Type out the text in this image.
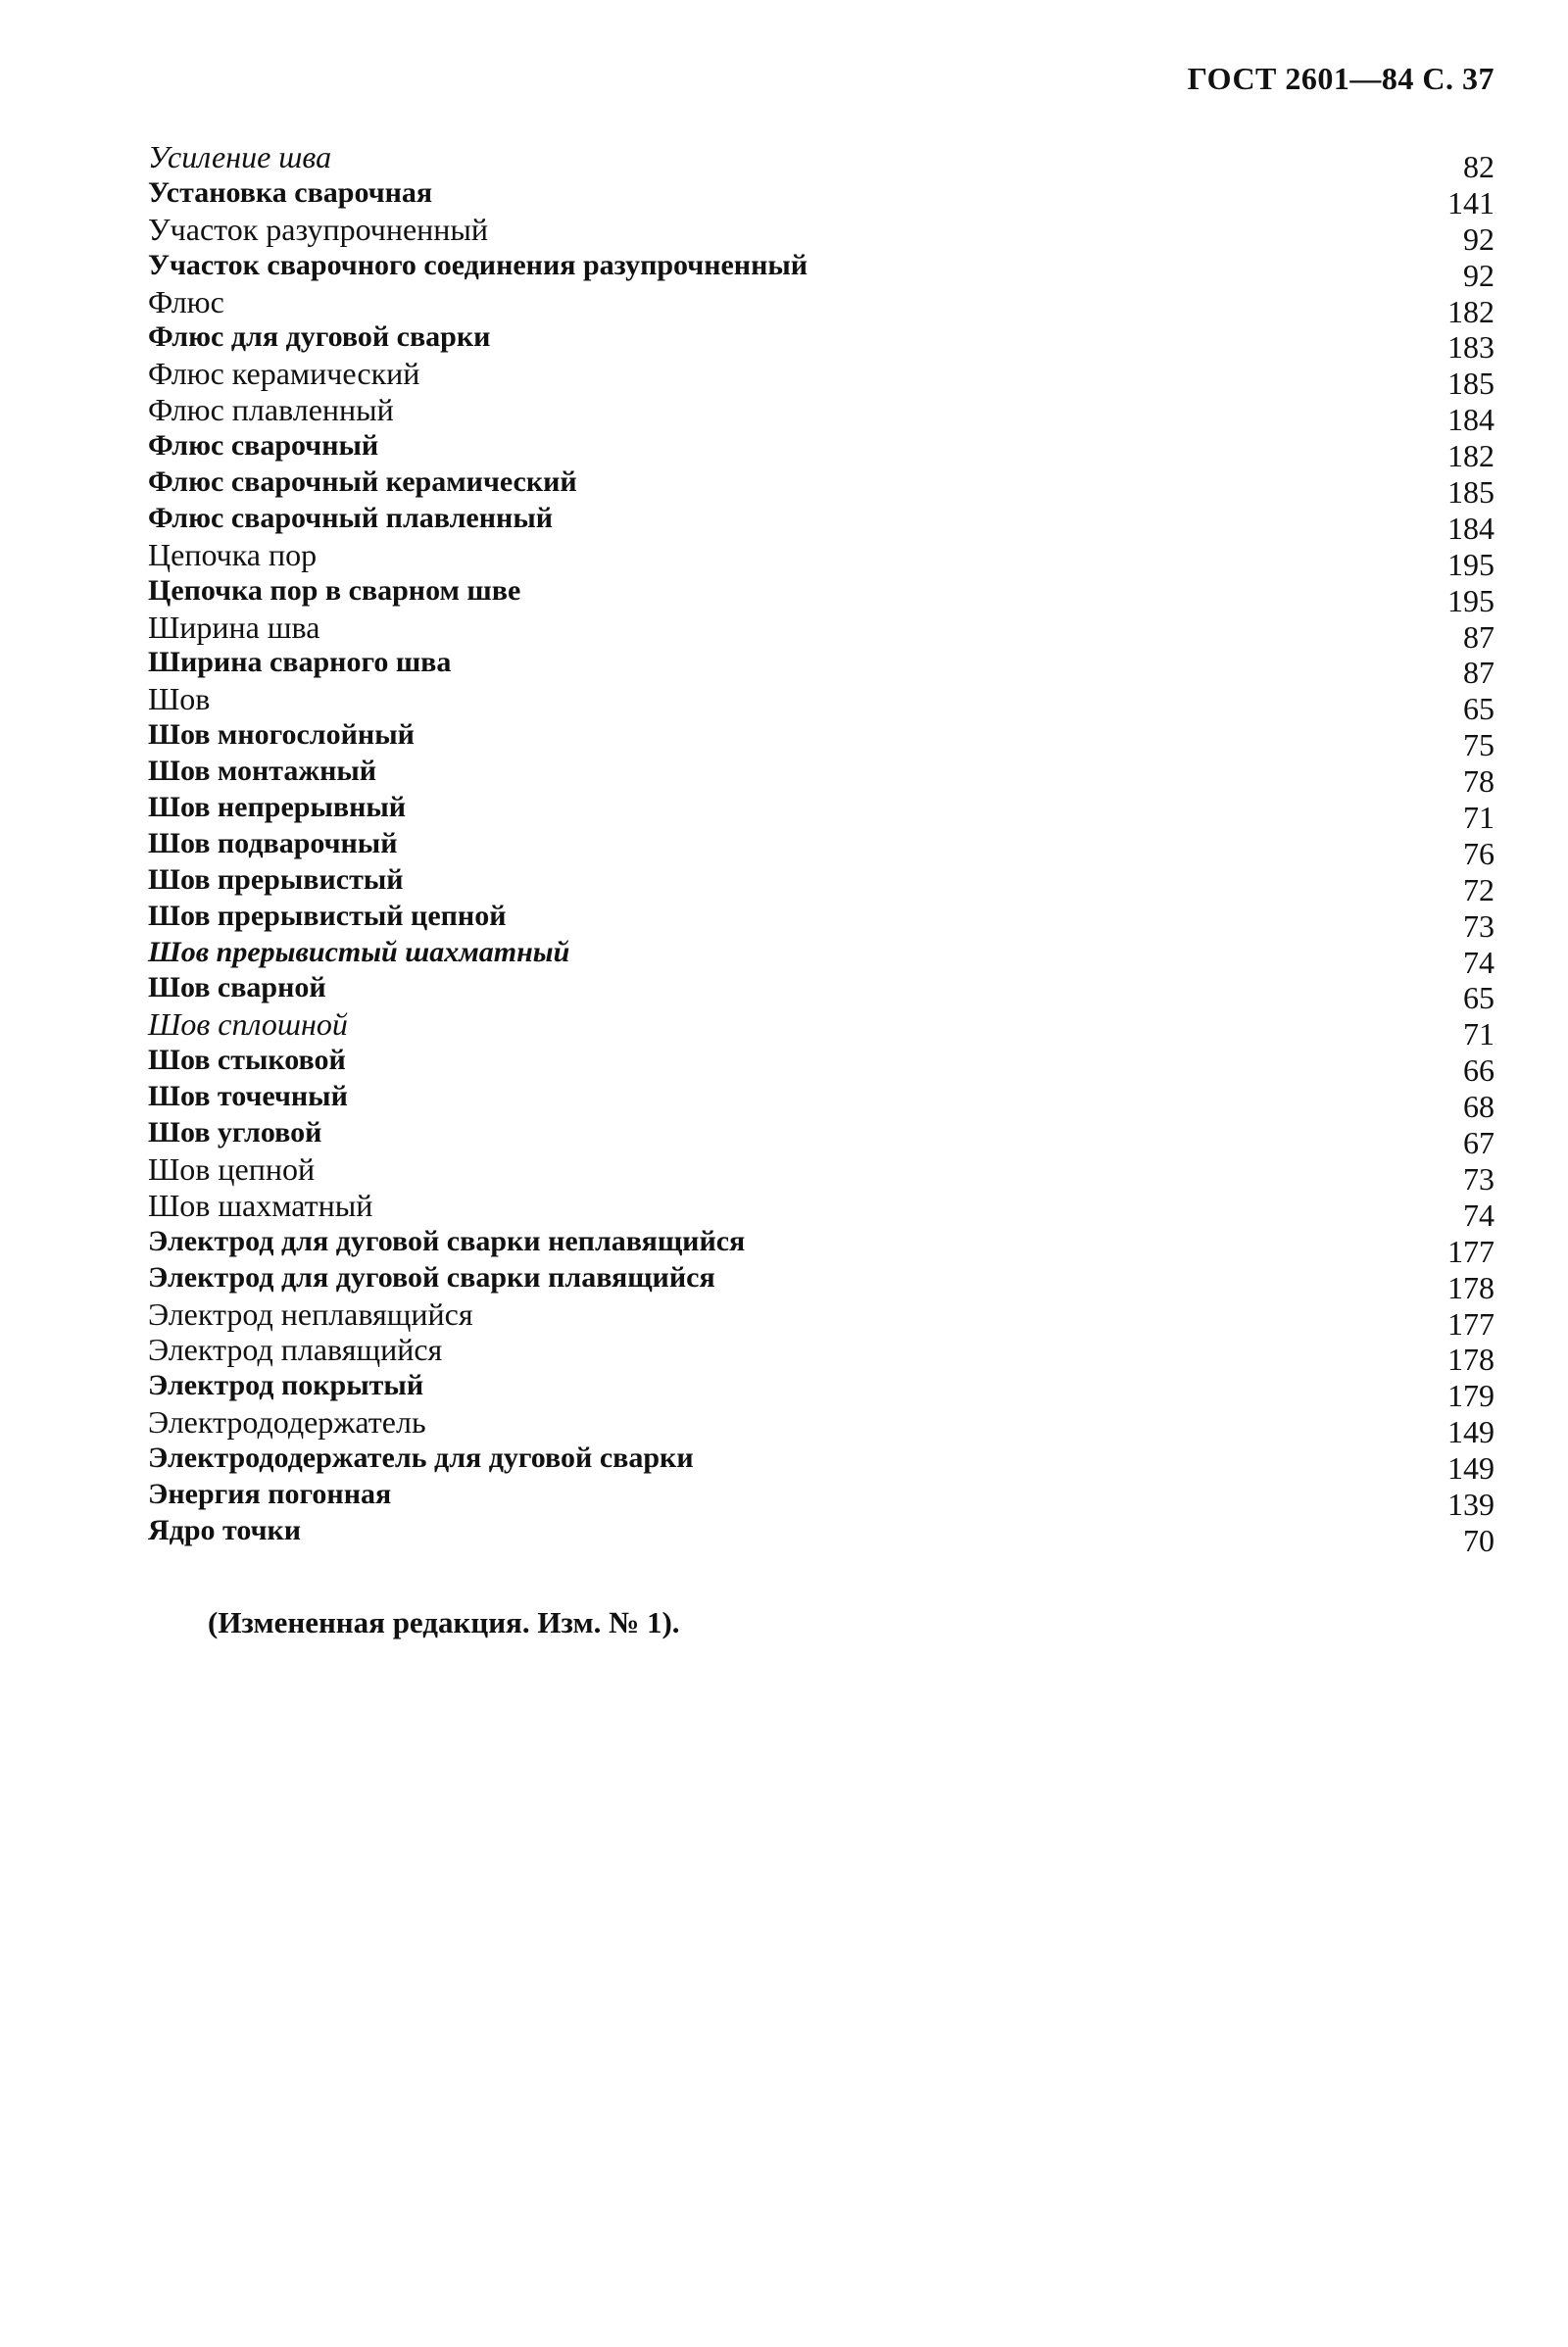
ГОСТ 2601—84 С. 37
Усиление шва	82
Установка сварочная	141
Участок разупрочненный	92
Участок сварочного соединения разупрочненный	92
Флюс	182
Флюс для дуговой сварки	183
Флюс керамический	185
Флюс плавленный	184
Флюс сварочный	182
Флюс сварочный керамический	185
Флюс сварочный плавленный	184
Цепочка пор	195
Цепочка пор в сварном шве	195
Ширина шва	87
Ширина сварного шва	87
Шов	65
Шов многослойный	75
Шов монтажный	78
Шов непрерывный	71
Шов подварочный	76
Шов прерывистый	72
Шов прерывистый цепной	73
Шов прерывистый шахматный	74
Шов сварной	65
Шов сплошной	71
Шов стыковой	66
Шов точечный	68
Шов угловой	67
Шов цепной	73
Шов шахматный	74
Электрод для дуговой сварки неплавящийся	177
Электрод для дуговой сварки плавящийся	178
Электрод неплавящийся	177
Электрод плавящийся	178
Электрод покрытый	179
Электрододержатель	149
Электрододержатель для дуговой сварки	149
Энергия погонная	139
Ядро точки	70
(Измененная редакция. Изм. № 1).
